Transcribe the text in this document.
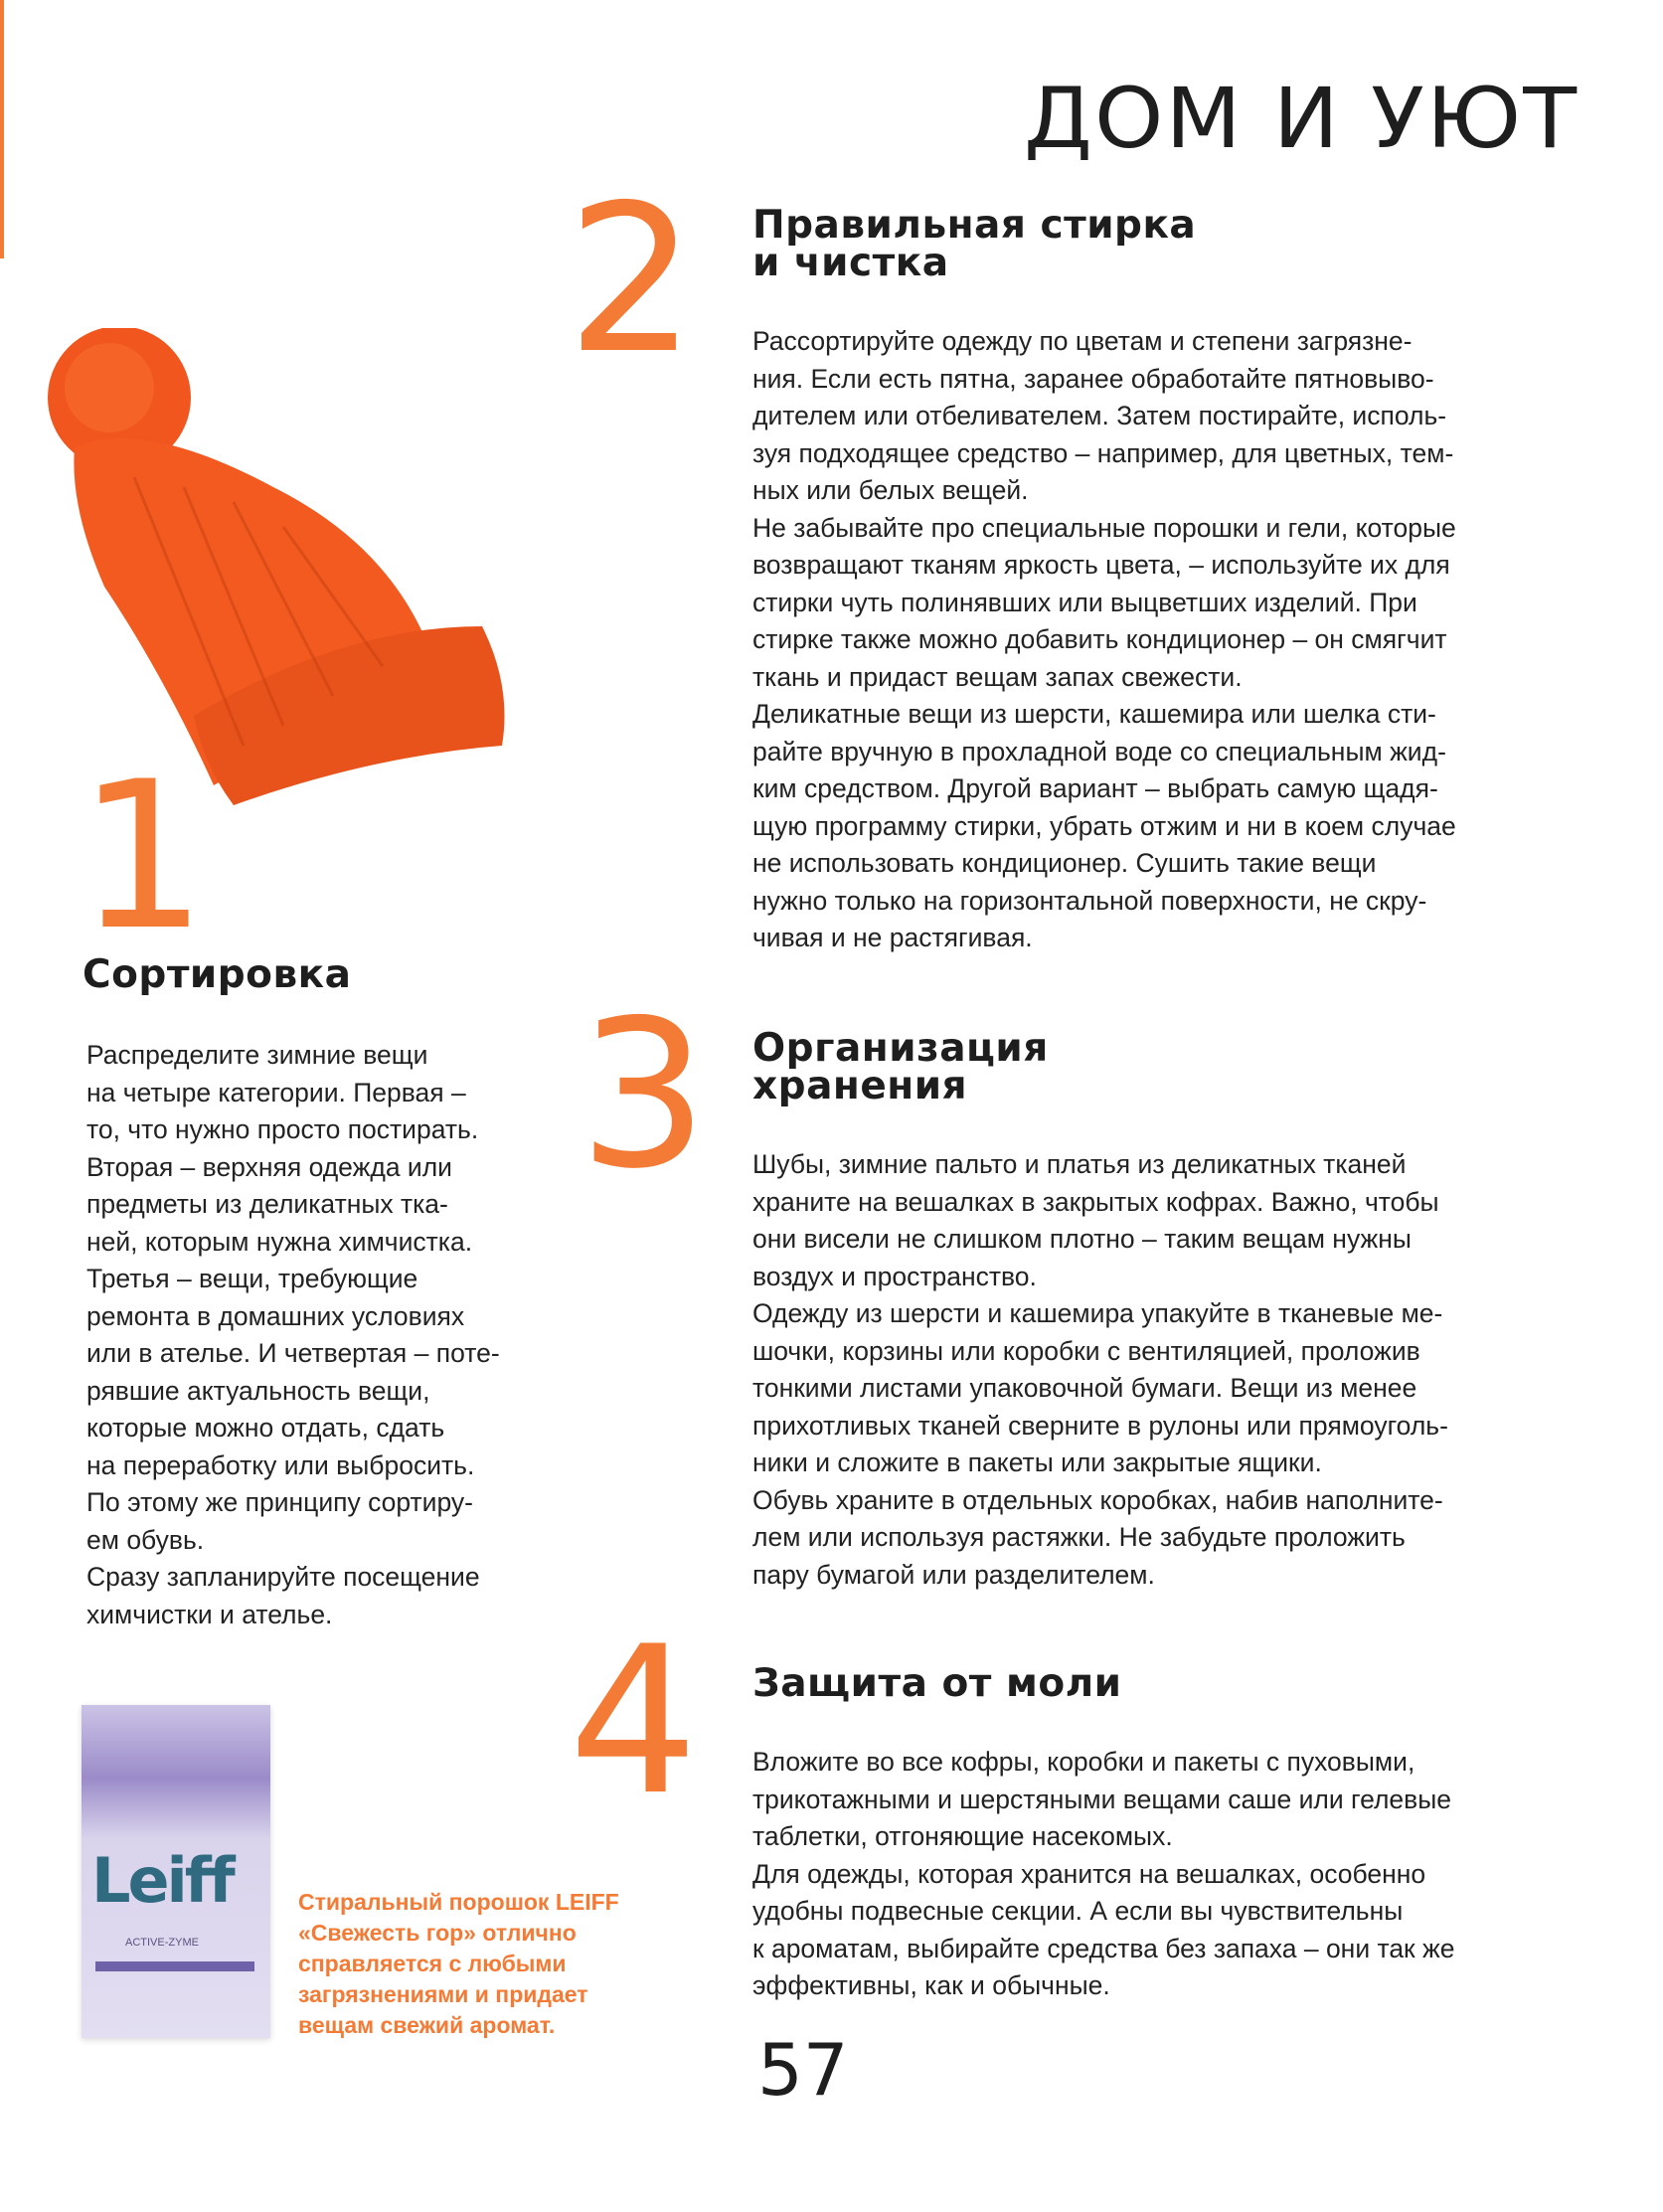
ДОМ И УЮТ
1
Сортировка
Распределите зимние вещи
на четыре категории. Первая –
то, что нужно просто постирать.
Вторая – верхняя одежда или
предметы из деликатных тка-
ней, которым нужна химчистка.
Третья – вещи, требующие
ремонта в домашних условиях
или в ателье. И четвертая – поте-
рявшие актуальность вещи,
которые можно отдать, сдать
на переработку или выбросить.
По этому же принципу сортиру-
ем обувь.
Сразу запланируйте посещение
химчистки и ателье.
2 Правильная стирка
и чистка
Рассортируйте одежду по цветам и степени загрязне-
ния. Если есть пятна, заранее обработайте пятновыво-
дителем или отбеливателем. Затем постирайте, исполь-
зуя подходящее средство – например, для цветных, тем-
ных или белых вещей.
Не забывайте про специальные порошки и гели, которые
возвращают тканям яркость цвета, – используйте их для
стирки чуть полинявших или выцветших изделий. При
стирке также можно добавить кондиционер – он смягчит
ткань и придаст вещам запах свежести.
Деликатные вещи из шерсти, кашемира или шелка сти-
райте вручную в прохладной воде со специальным жид-
ким средством. Другой вариант – выбрать самую щадя-
щую программу стирки, убрать отжим и ни в коем случае
не использовать кондиционер. Сушить такие вещи
нужно только на горизонтальной поверхности, не скру-
чивая и не растягивая.
3 Организация
хранения
Шубы, зимние пальто и платья из деликатных тканей
храните на вешалках в закрытых кофрах. Важно, чтобы
они висели не слишком плотно – таким вещам нужны
воздух и пространство.
Одежду из шерсти и кашемира упакуйте в тканевые ме-
шочки, корзины или коробки с вентиляцией, проложив
тонкими листами упаковочной бумаги. Вещи из менее
прихотливых тканей сверните в рулоны или прямоуголь-
ники и сложите в пакеты или закрытые ящики.
Обувь храните в отдельных коробках, набив наполните-
лем или используя растяжки. Не забудьте проложить
пару бумагой или разделителем.
4 Защита от моли
Вложите во все кофры, коробки и пакеты с пуховыми,
трикотажными и шерстяными вещами саше или гелевые
таблетки, отгоняющие насекомых.
Для одежды, которая хранится на вешалках, особенно
удобны подвесные секции. А если вы чувствительны
к ароматам, выбирайте средства без запаха – они так же
эффективны, как и обычные.
Leiff
ACTIVE-ZYME
Стиральный порошок LEIFF
«Свежесть гор» отлично
справляется с любыми
загрязнениями и придает
вещам свежий аромат.
57
